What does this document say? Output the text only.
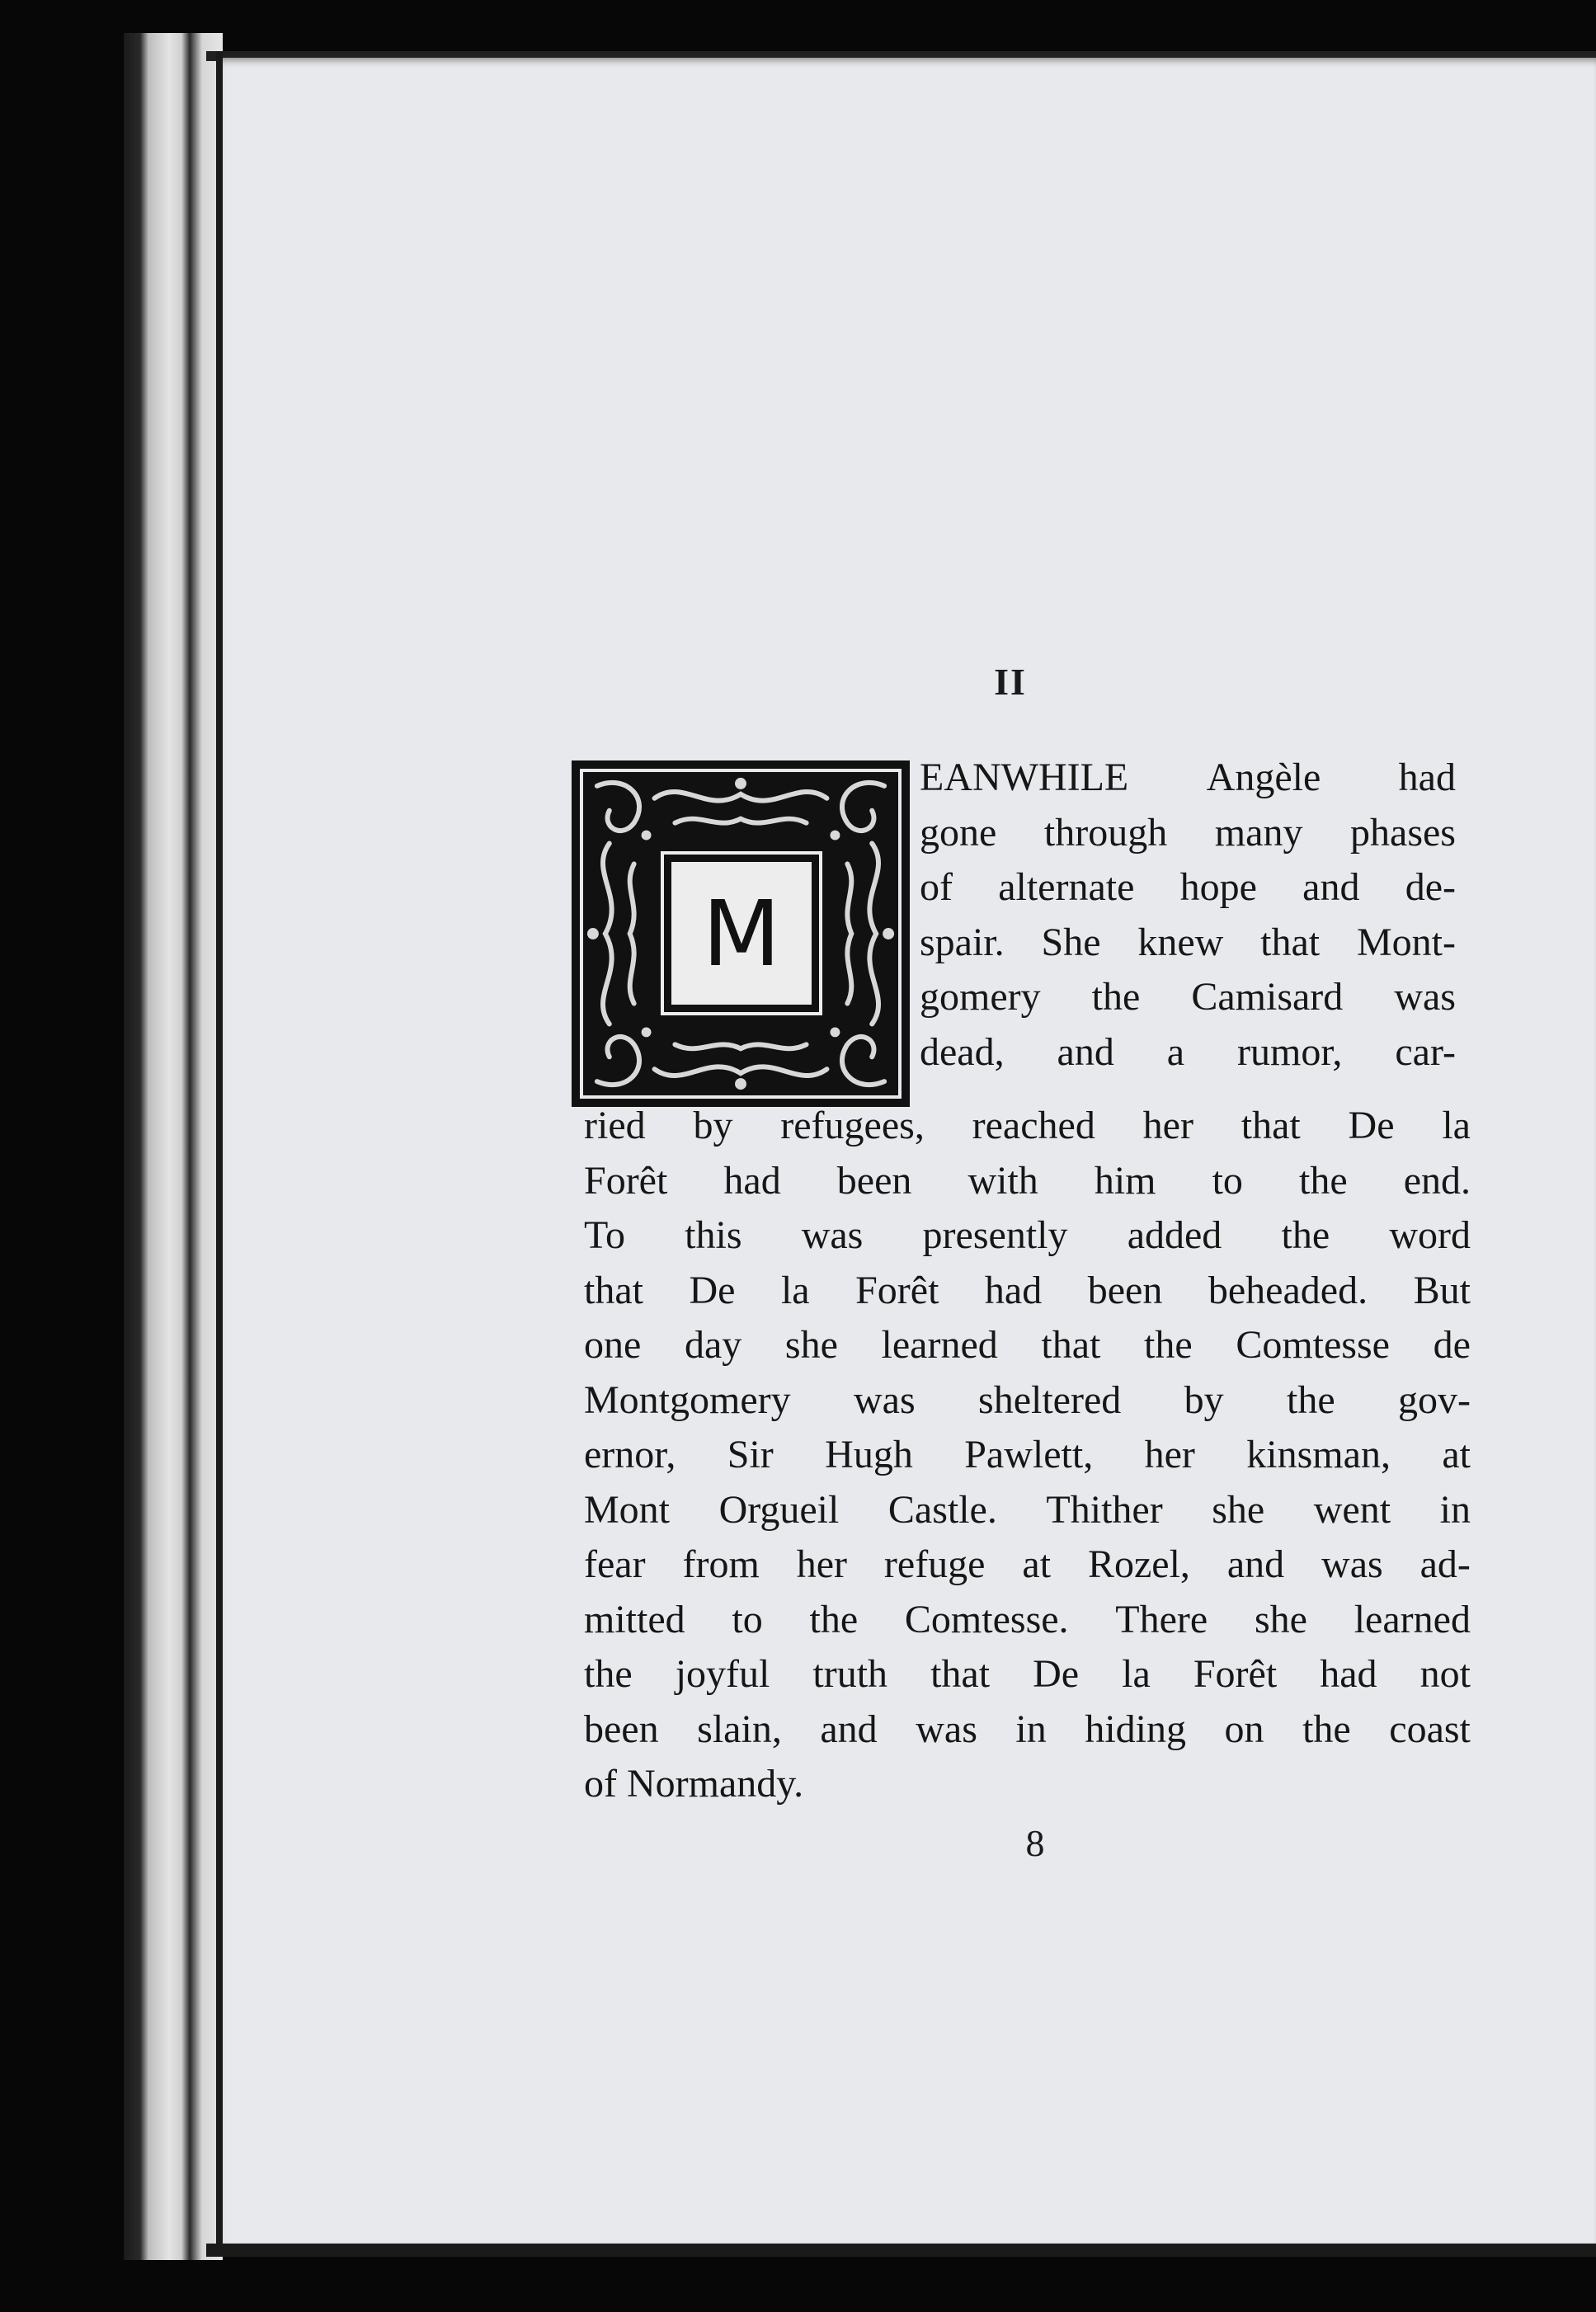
II
M
EANWHILE Angèle had
gone through many phases
of alternate hope and de-
spair. She knew that Mont-
gomery the Camisard was
dead, and a rumor, car-
ried by refugees, reached her that De la
Forêt had been with him to the end.
To this was presently added the word
that De la Forêt had been beheaded. But
one day she learned that the Comtesse de
Montgomery was sheltered by the gov-
ernor, Sir Hugh Pawlett, her kinsman, at
Mont Orgueil Castle. Thither she went in
fear from her refuge at Rozel, and was ad-
mitted to the Comtesse. There she learned
the joyful truth that De la Forêt had not
been slain, and was in hiding on the coast
of Normandy.
8
